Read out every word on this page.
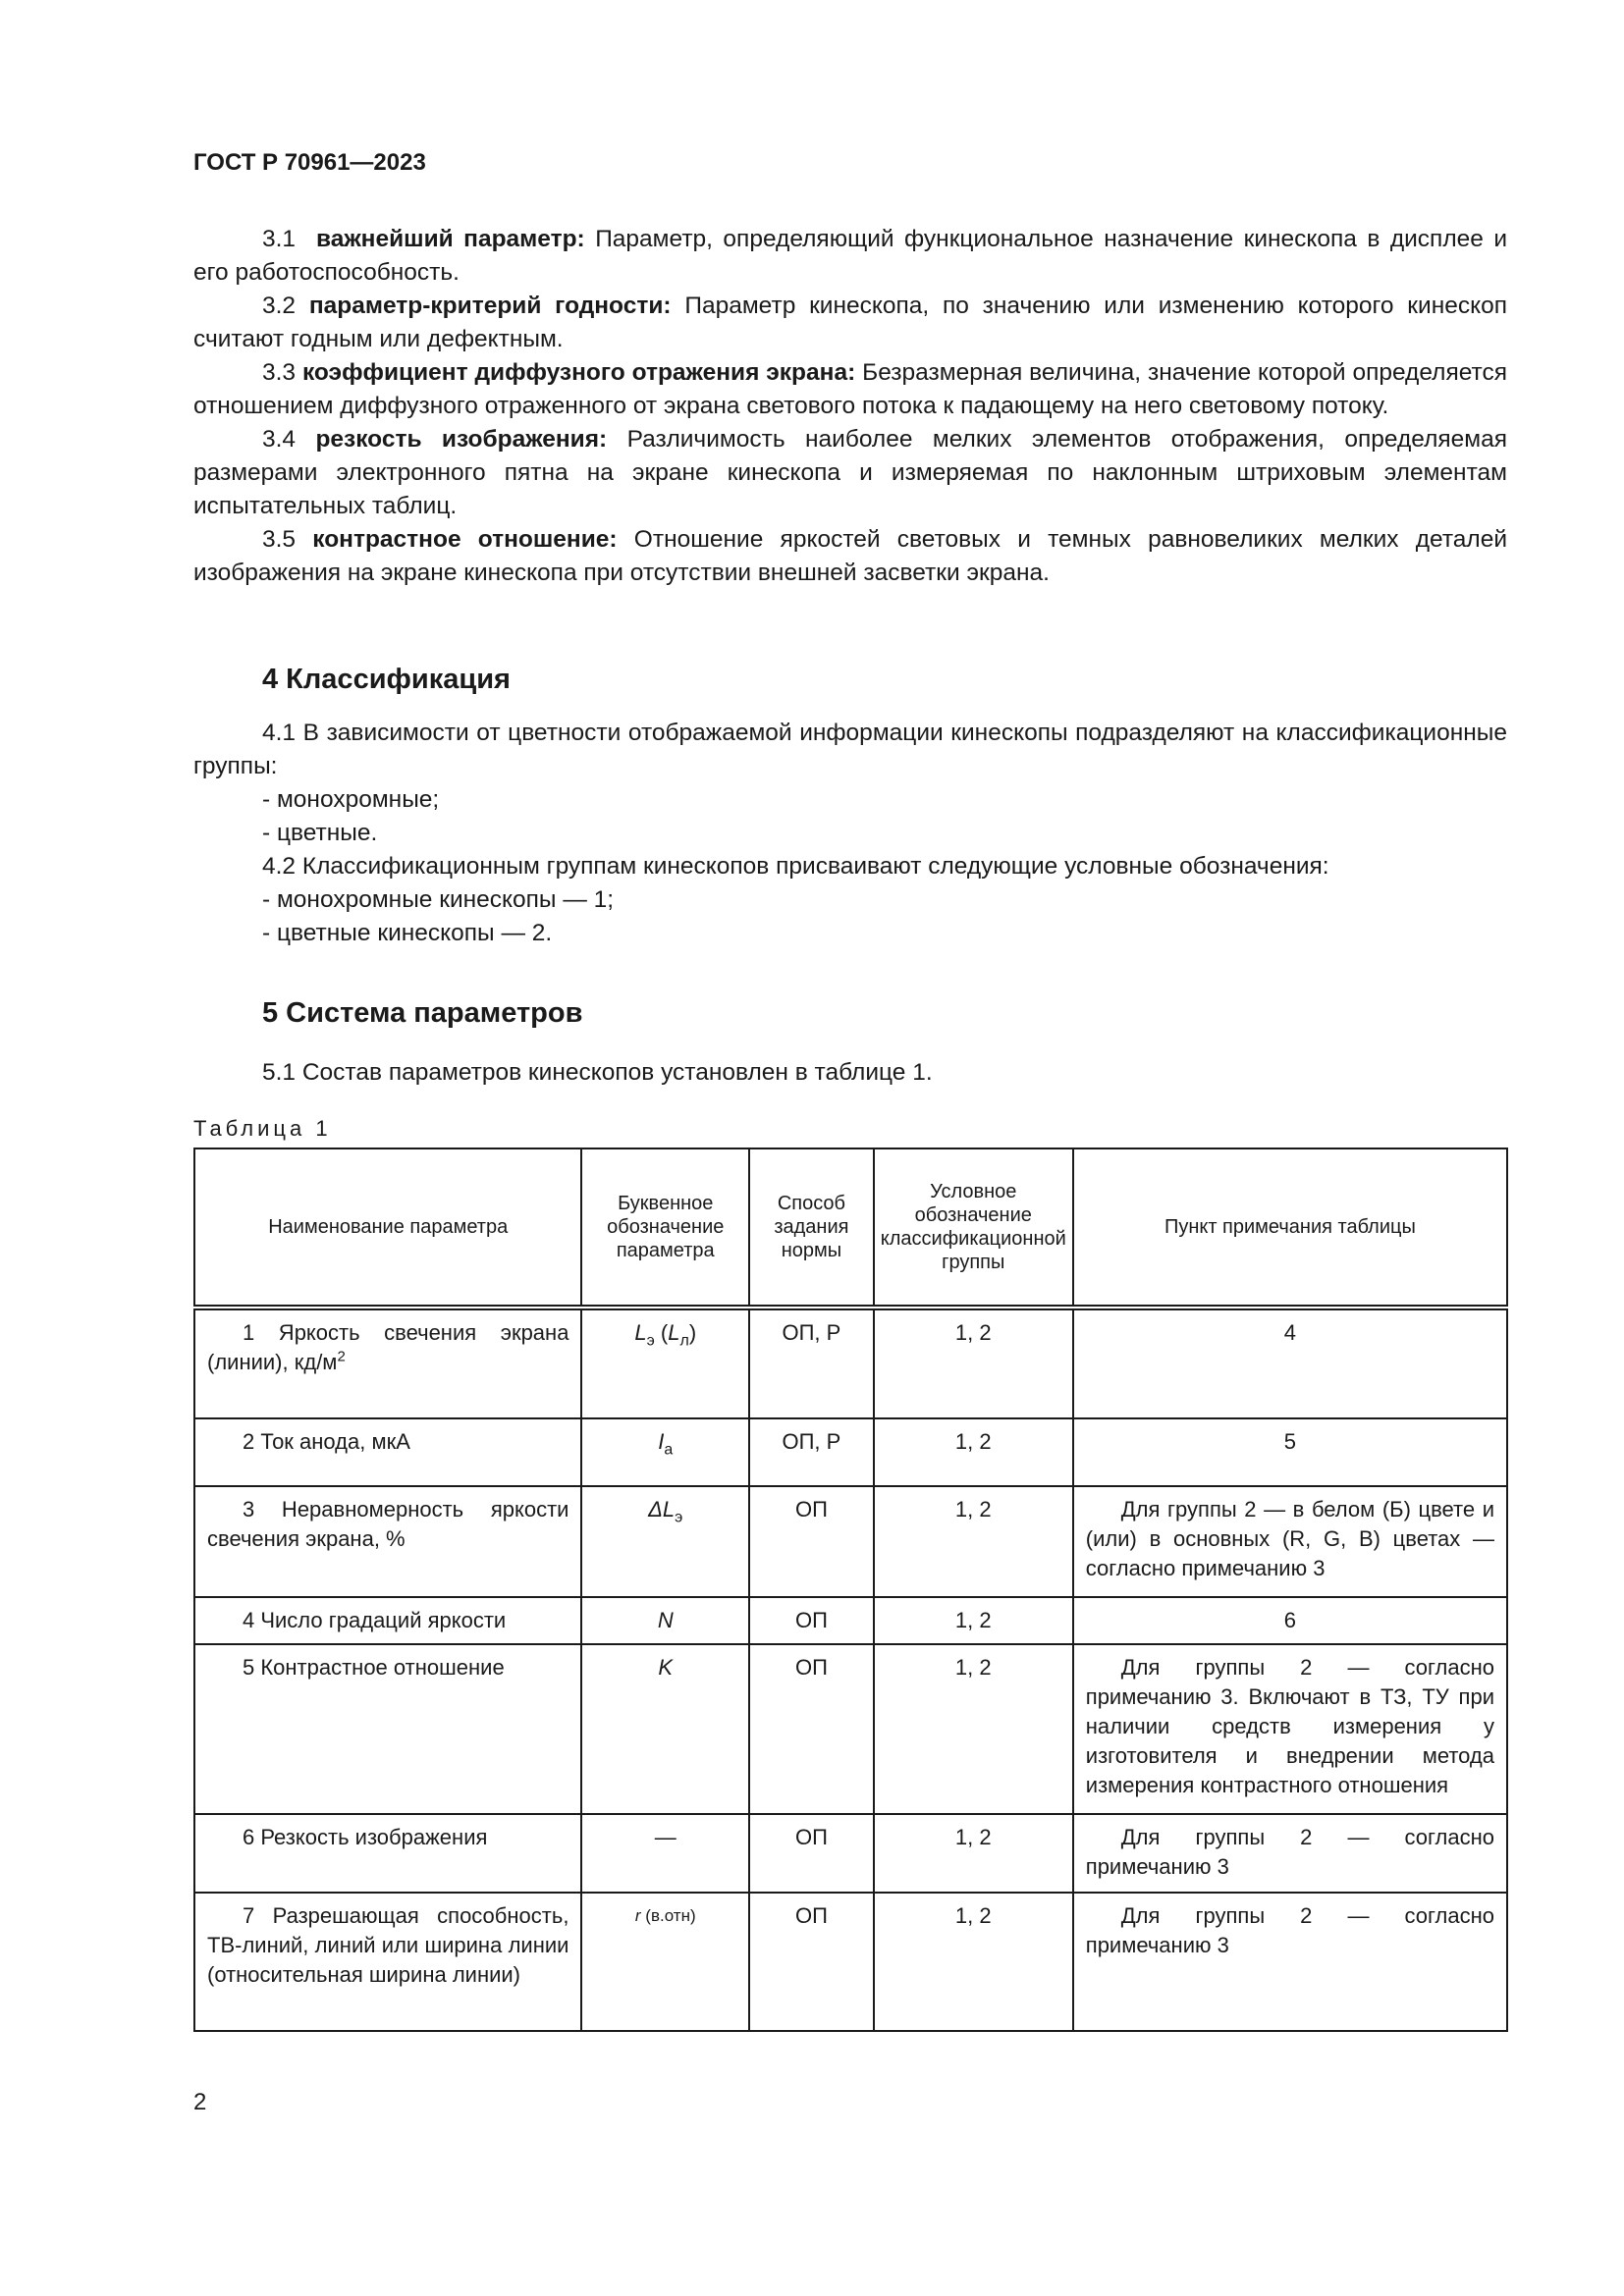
ГОСТ Р 70961—2023

3.1 важнейший параметр: Параметр, определяющий функциональное назначение кинескопа в дисплее и его работоспособность.

3.2 параметр-критерий годности: Параметр кинескопа, по значению или изменению которого кинескоп считают годным или дефектным.

3.3 коэффициент диффузного отражения экрана: Безразмерная величина, значение которой определяется отношением диффузного отраженного от экрана светового потока к падающему на него световому потоку.

3.4 резкость изображения: Различимость наиболее мелких элементов отображения, определяемая размерами электронного пятна на экране кинескопа и измеряемая по наклонным штриховым элементам испытательных таблиц.

3.5 контрастное отношение: Отношение яркостей световых и темных равновеликих мелких деталей изображения на экране кинескопа при отсутствии внешней засветки экрана.

4 Классификация

4.1 В зависимости от цветности отображаемой информации кинескопы подразделяют на классификационные группы:

- монохромные;

- цветные.

4.2 Классификационным группам кинескопов присваивают следующие условные обозначения:

- монохромные кинескопы — 1;

- цветные кинескопы — 2.

5 Система параметров

5.1 Состав параметров кинескопов установлен в таблице 1.

Таблица 1
Наименование параметра	Буквенное обозначение параметра	Способ задания нормы	Условное обозначение классификационной группы	Пункт примечания таблицы
1 Яркость свечения экрана (линии), $кд/м^2$	$L_э$ $(L_л)$	ОП, Р	1, 2	4
2 Ток анода, мкА	$I_a$	ОП, Р	1, 2	5
3 Неравномерность яркости свечения экрана, %	$\Delta L_э$	ОП	1, 2	Для группы 2 — в белом (Б) цвете и (или) в основных (R, G, B) цветах — согласно примечанию 3
4 Число градаций яркости	N	ОП	1, 2	6
5 Контрастное отношение	K	ОП	1, 2	Для группы 2 — согласно примечанию 3. Включают в ТЗ, ТУ при наличии средств измерения у изготовителя и внедрении метода измерения контрастного отношения
6 Резкость изображения	—	ОП	1, 2	Для группы 2 — согласно примечанию 3
7 Разрешающая способность, ТВ-линий, линий или ширина линии (относительная ширина линии)	r (в.отн)	ОП	1, 2	Для группы 2 — согласно примечанию 3
2
